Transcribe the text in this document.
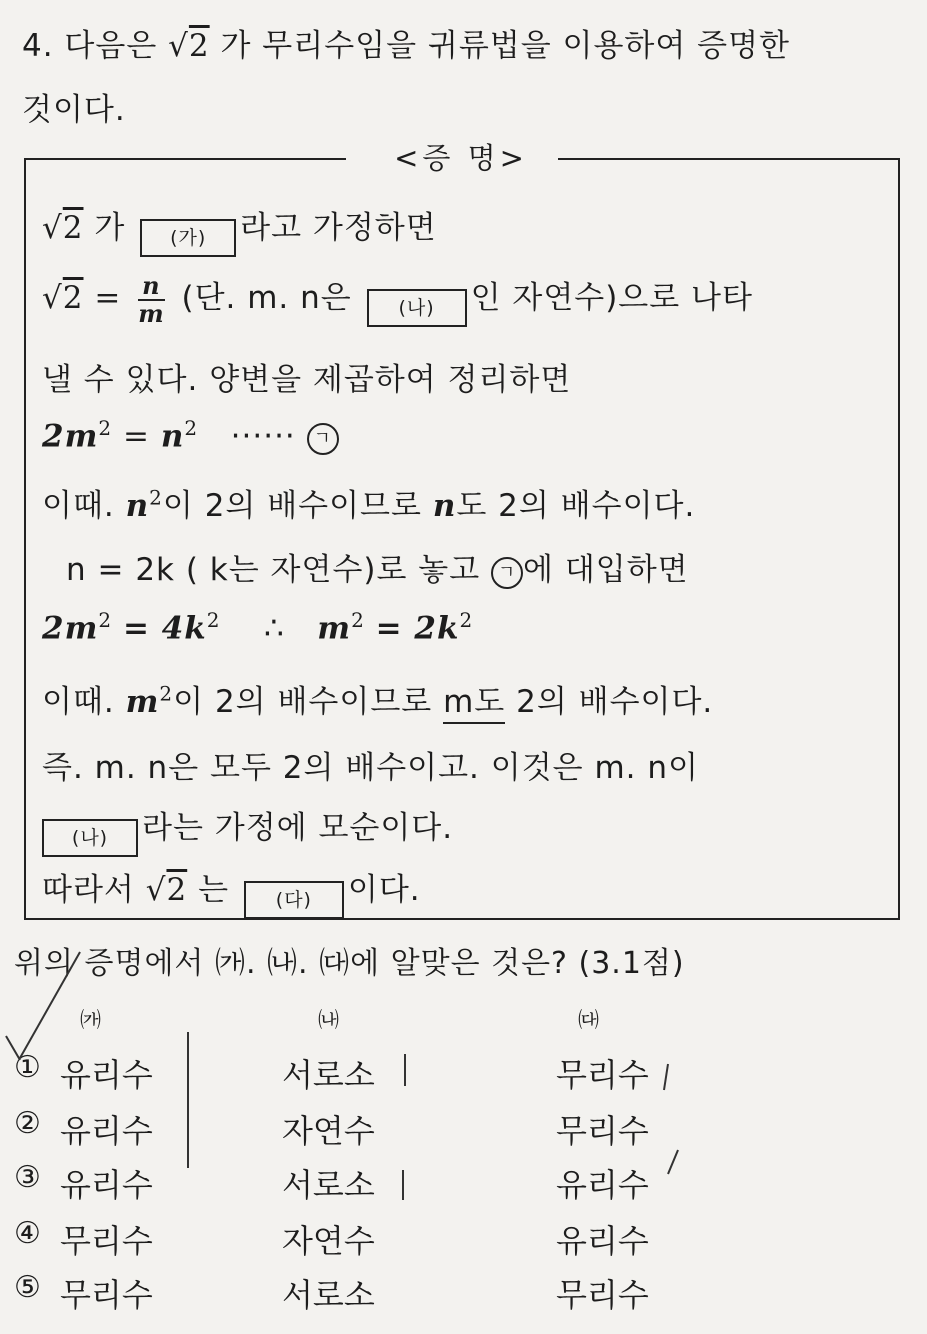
4. 다음은 √2 가 무리수임을 귀류법을 이용하여 증명한
것이다.
<증 명>
√2 가 (가) 라고 가정하면
$√2 = \frac{n}{m}$ (단. m. n은 (나) 인 자연수)으로 나타
낼 수 있다. 양변을 제곱하여 정리하면
$2m^2 = n^2$ ······ ㄱ
이때. $n^2$이 2의 배수이므로 n도 2의 배수이다.
n = 2k ( k는 자연수)로 놓고 ㄱ 에 대입하면
$2m^2 = 4k^2$ ∴ $m^2 = 2k^2$
이때. $m^2$이 2의 배수이므로 m도 2의 배수이다.
즉. m. n은 모두 2의 배수이고. 이것은 m. n이
(나) 라는 가정에 모순이다.
따라서 √2 는 (다) 이다.
위의 증명에서 ㈎. ㈏. ㈐에 알맞은 것은? (3.1점)
㈎	㈏	㈐
① 유리수	서로소	무리수
② 유리수	자연수	무리수
③ 유리수	서로소	유리수
④ 무리수	자연수	유리수
⑤ 무리수	서로소	무리수
